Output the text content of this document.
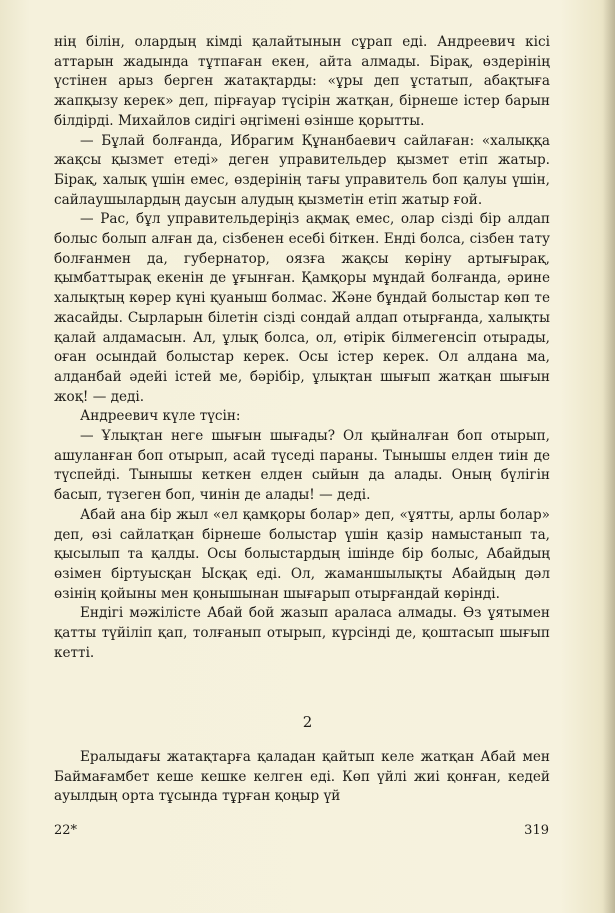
нің білін, олардың кімді қалайтынын сұрап еді. Андреевич кісі аттарын жадында тұтпаған екен, айта алмады. Бірақ, өздерінің үстінен арыз берген жатақтарды: «ұры деп ұстатып, абақтыға жапқызу керек» деп, пірғауар түсірін жатқан, бірнеше істер барын білдірді. Михайлов сидігі әңгімені өзінше қорытты.

— Бұлай болғанда, Ибрагим Құнанбаевич сайлаған: «халыққа жақсы қызмет етеді» деген управительдер қызмет етіп жатыр. Бірақ, халық үшін емес, өздерінің тағы управитель боп қалуы үшін, сайлаушылардың даусын алудың қызметін етіп жатыр ғой.

— Рас, бұл управительдеріңіз ақмақ емес, олар сізді бір алдап болыс болып алған да, сізбенен есебі біткен. Енді болса, сізбен тату болғанмен да, губернатор, оязға жақсы көріну артығырақ, қымбаттырақ екенін де ұғынған. Қамқоры мұндай болғанда, әрине халықтың көрер күні қуаныш болмас. Және бұндай болыстар көп те жасайды. Сырларын білетін сізді сондай алдап отырғанда, халықты қалай алдамасын. Ал, ұлық болса, ол, өтірік білмегенсіп отырады, оған осындай болыстар керек. Осы істер керек. Ол алдана ма, алданбай әдейі істей ме, бәрібір, ұлықтан шығып жатқан шығын жоқ! — деді.

Андреевич күле түсін:

— Ұлықтан неге шығын шығады? Ол қыйналған боп отырып, ашуланған боп отырып, асай түседі параны. Тынышы елден тиін де түспейді. Тынышы кеткен елден сыйын да алады. Оның бүлігін басып, түзеген боп, чинін де алады! — деді.

Абай ана бір жыл «ел қамқоры болар» деп, «ұятты, арлы болар» деп, өзі сайлатқан бірнеше болыстар үшін қазір намыстанып та, қысылып та қалды. Осы болыстардың ішінде бір болыс, Абайдың өзімен біртуысқан Ысқақ еді. Ол, жаманшылықты Абайдың дәл өзінің қойыны мен қонышынан шығарып отырғандай көрінді.

Ендігі мәжілісте Абай бой жазып араласа алмады. Өз ұятымен қатты түйіліп қап, толғанып отырып, күрсінді де, қоштасып шығып кетті.

2

Ералыдағы жатақтарға қаладан қайтып келе жатқан Абай мен Баймағамбет кеше кешке келген еді. Көп үйлі жиі қонған, кедей ауылдың орта тұсында тұрған қоңыр үй

22*	319
